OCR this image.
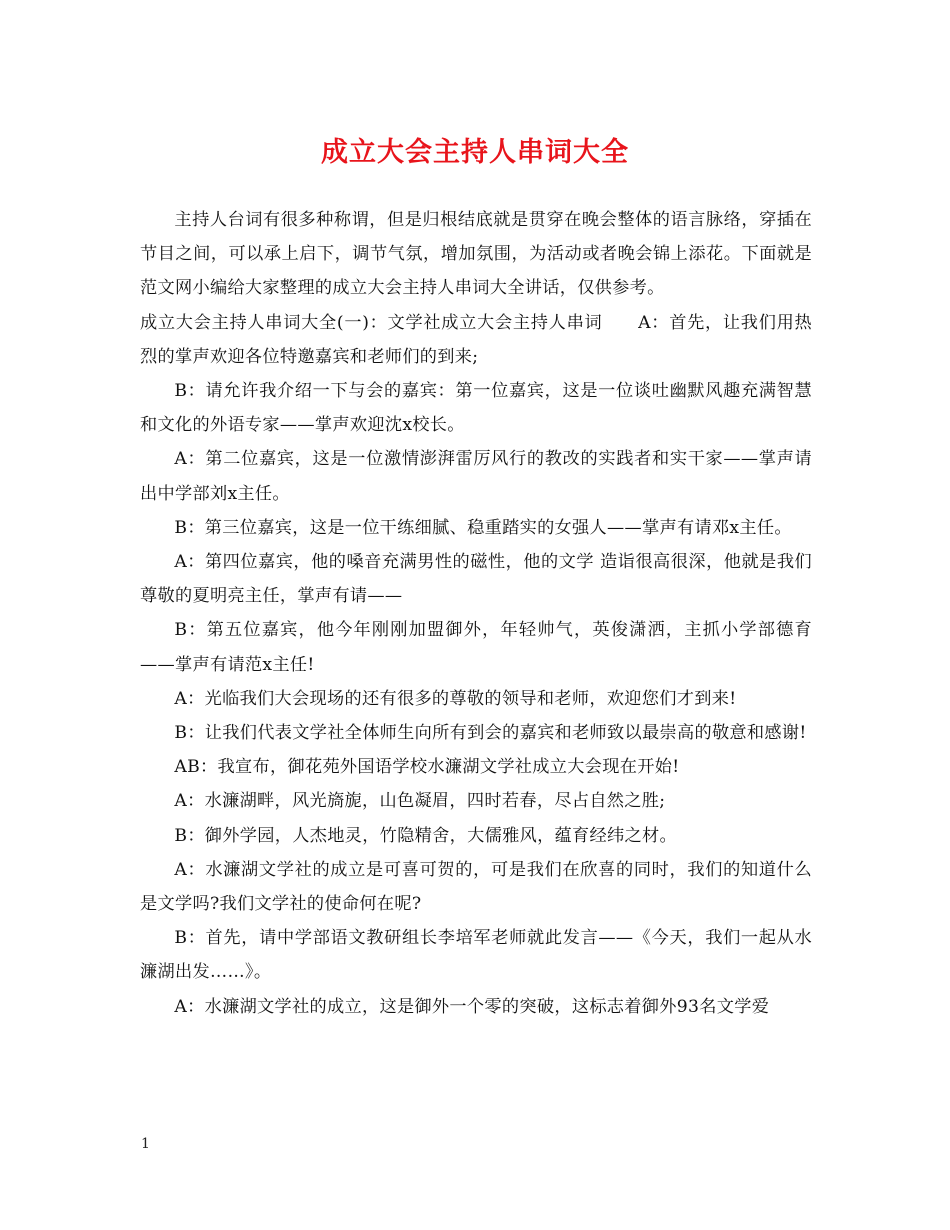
成立大会主持人串词大全

主持人台词有很多种称谓，但是归根结底就是贯穿在晚会整体的语言脉络，穿插在节目之间，可以承上启下，调节气氛，增加氛围，为活动或者晚会锦上添花。下面就是范文网小编给大家整理的成立大会主持人串词大全讲话，仅供参考。

成立大会主持人串词大全(一)：文学社成立大会主持人串词　　A：首先，让我们用热烈的掌声欢迎各位特邀嘉宾和老师们的到来;

B：请允许我介绍一下与会的嘉宾：第一位嘉宾，这是一位谈吐幽默风趣充满智慧和文化的外语专家——掌声欢迎沈x校长。

A：第二位嘉宾，这是一位激情澎湃雷厉风行的教改的实践者和实干家——掌声请出中学部刘x主任。

B：第三位嘉宾，这是一位干练细腻、稳重踏实的女强人——掌声有请邓x主任。

A：第四位嘉宾，他的嗓音充满男性的磁性，他的文学 造诣很高很深，他就是我们尊敬的夏明亮主任，掌声有请——

B：第五位嘉宾，他今年刚刚加盟御外，年轻帅气，英俊潇洒，主抓小学部德育——掌声有请范x主任!

A：光临我们大会现场的还有很多的尊敬的领导和老师，欢迎您们才到来!

B：让我们代表文学社全体师生向所有到会的嘉宾和老师致以最崇高的敬意和感谢!

AB：我宣布，御花苑外国语学校水濂湖文学社成立大会现在开始!

A：水濂湖畔，风光旖旎，山色凝眉，四时若春，尽占自然之胜;

B：御外学园，人杰地灵，竹隐精舍，大儒雅风，蕴育经纬之材。

A：水濂湖文学社的成立是可喜可贺的，可是我们在欣喜的同时，我们的知道什么是文学吗?我们文学社的使命何在呢?

B：首先，请中学部语文教研组长李培军老师就此发言——《今天，我们一起从水濂湖出发……》。

A：水濂湖文学社的成立，这是御外一个零的突破，这标志着御外93名文学爱

1
